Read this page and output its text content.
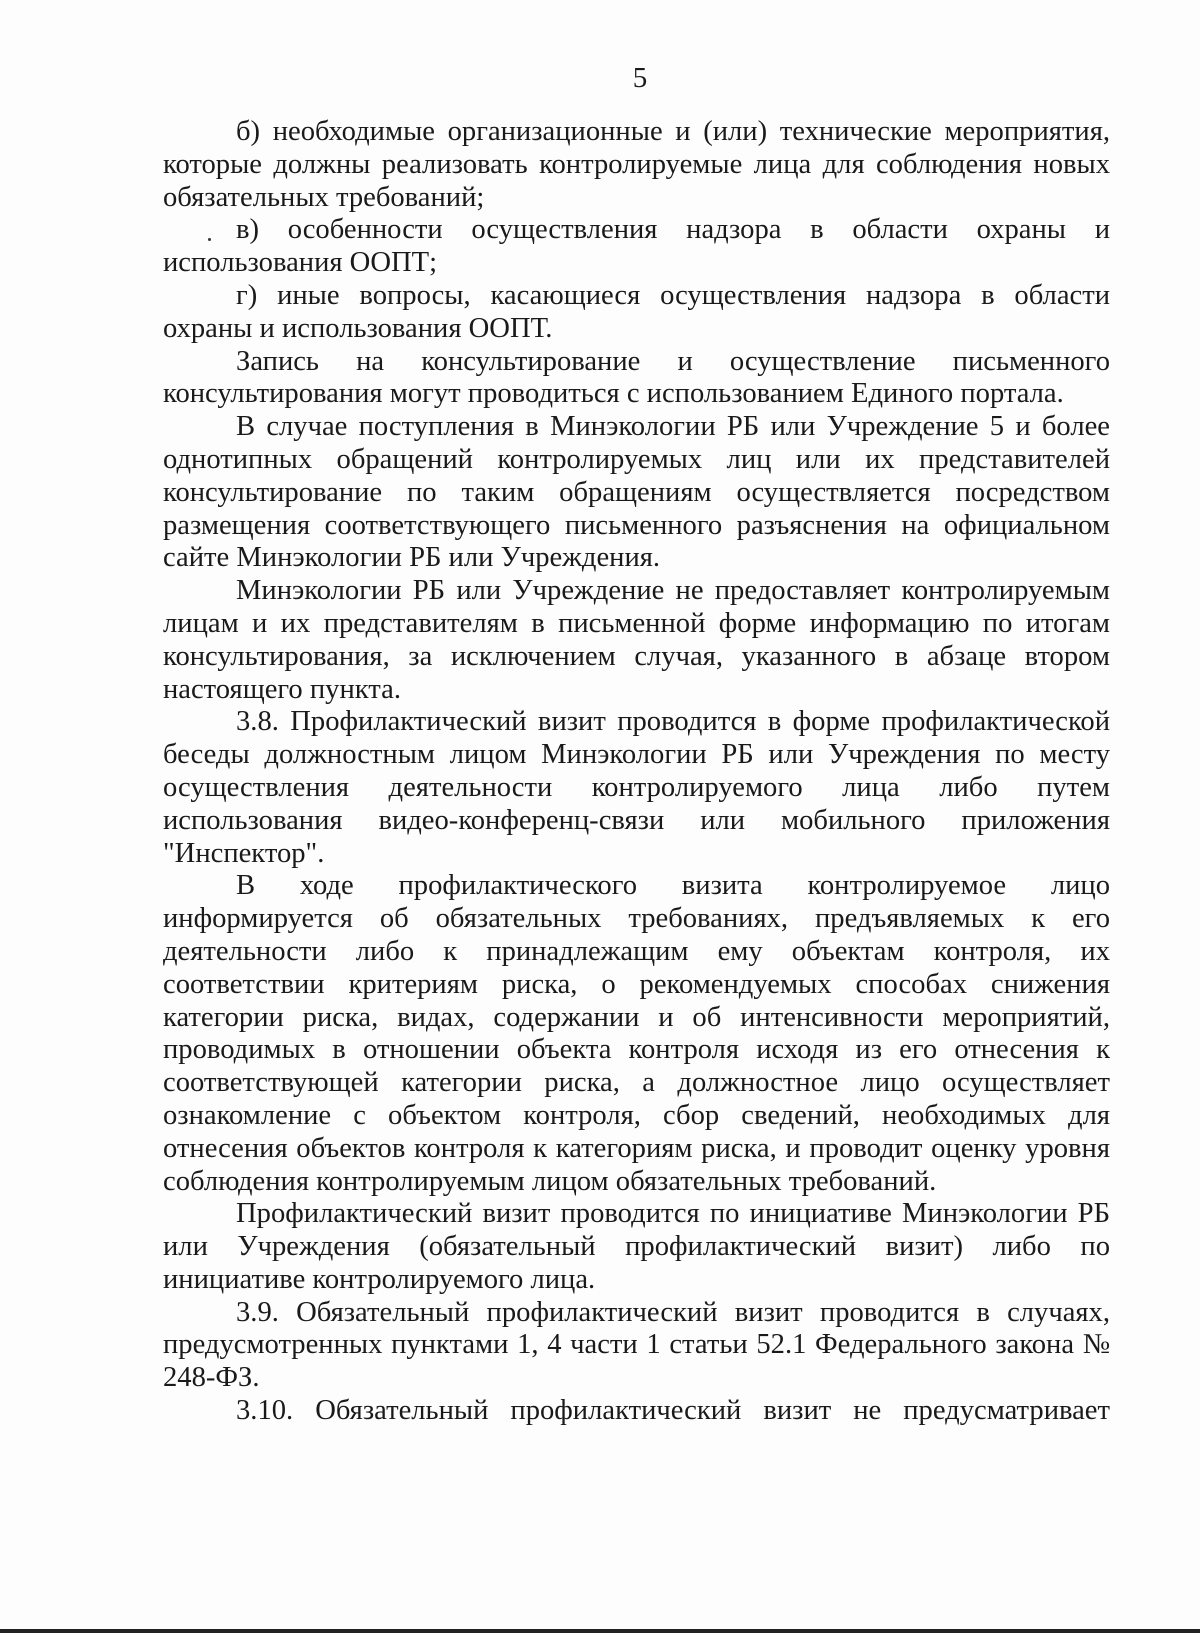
5

б) необходимые организационные и (или) технические мероприятия, которые должны реализовать контролируемые лица для соблюдения новых обязательных требований;

в) особенности осуществления надзора в области охраны и использования ООПТ;

г) иные вопросы, касающиеся осуществления надзора в области охраны и использования ООПТ.

Запись на консультирование и осуществление письменного консультирования могут проводиться с использованием Единого портала.

В случае поступления в Минэкологии РБ или Учреждение 5 и более однотипных обращений контролируемых лиц или их представителей консультирование по таким обращениям осуществляется посредством размещения соответствующего письменного разъяснения на официальном сайте Минэкологии РБ или Учреждения.

Минэкологии РБ или Учреждение не предоставляет контролируемым лицам и их представителям в письменной форме информацию по итогам консультирования, за исключением случая, указанного в абзаце втором настоящего пункта.

3.8. Профилактический визит проводится в форме профилактической беседы должностным лицом Минэкологии РБ или Учреждения по месту осуществления деятельности контролируемого лица либо путем использования видео-конференц-связи или мобильного приложения "Инспектор".

В ходе профилактического визита контролируемое лицо информируется об обязательных требованиях, предъявляемых к его деятельности либо к принадлежащим ему объектам контроля, их соответствии критериям риска, о рекомендуемых способах снижения категории риска, видах, содержании и об интенсивности мероприятий, проводимых в отношении объекта контроля исходя из его отнесения к соответствующей категории риска, а должностное лицо осуществляет ознакомление с объектом контроля, сбор сведений, необходимых для отнесения объектов контроля к категориям риска, и проводит оценку уровня соблюдения контролируемым лицом обязательных требований.

Профилактический визит проводится по инициативе Минэкологии РБ или Учреждения (обязательный профилактический визит) либо по инициативе контролируемого лица.

3.9. Обязательный профилактический визит проводится в случаях, предусмотренных пунктами 1, 4 части 1 статьи 52.1 Федерального закона № 248-ФЗ.

3.10. Обязательный профилактический визит не предусматривает
